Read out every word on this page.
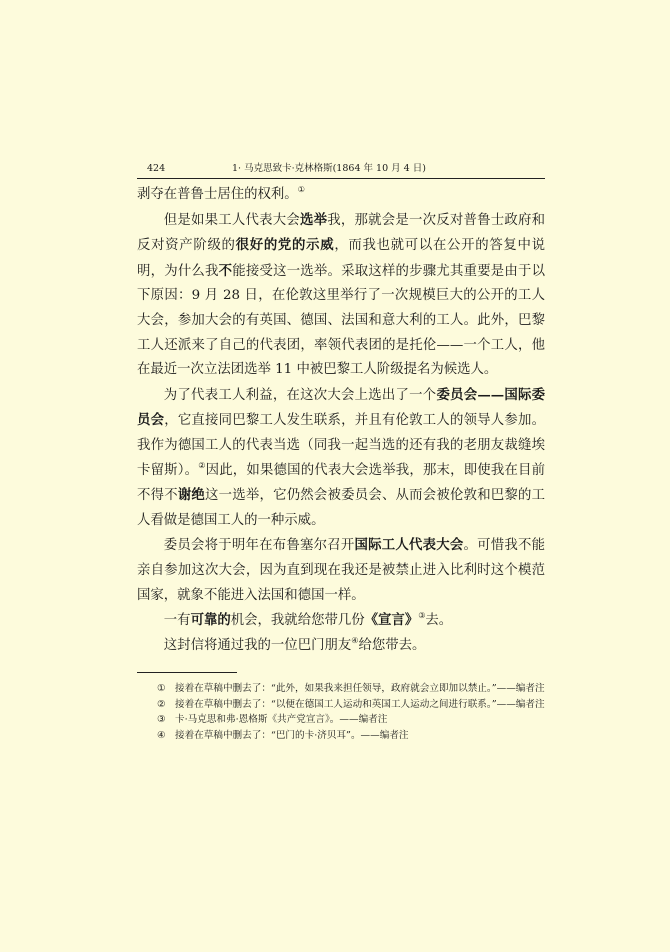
424	1· 马克思致卡·克林格斯(1864 年 10 月 4 日)

剥夺在普鲁士居住的权利。①

但是如果工人代表大会选举我，那就会是一次反对普鲁士政府和反对资产阶级的很好的党的示威，而我也就可以在公开的答复中说明，为什么我不能接受这一选举。采取这样的步骤尤其重要是由于以下原因：9 月 28 日，在伦敦这里举行了一次规模巨大的公开的工人大会，参加大会的有英国、德国、法国和意大利的工人。此外，巴黎工人还派来了自己的代表团，率领代表团的是托伦——一个工人，他在最近一次立法团选举 11 中被巴黎工人阶级提名为候选人。

为了代表工人利益，在这次大会上选出了一个委员会——国际委员会，它直接同巴黎工人发生联系，并且有伦敦工人的领导人参加。我作为德国工人的代表当选（同我一起当选的还有我的老朋友裁缝埃卡留斯）。②因此，如果德国的代表大会选举我，那末，即使我在目前不得不谢绝这一选举，它仍然会被委员会、从而会被伦敦和巴黎的工人看做是德国工人的一种示威。

委员会将于明年在布鲁塞尔召开国际工人代表大会。可惜我不能亲自参加这次大会，因为直到现在我还是被禁止进入比利时这个模范国家，就象不能进入法国和德国一样。

一有可靠的机会，我就给您带几份《宣言》③去。

这封信将通过我的一位巴门朋友④给您带去。

① 接着在草稿中删去了：“此外，如果我来担任领导，政府就会立即加以禁止。”——编者注
② 接着在草稿中删去了：“以便在德国工人运动和英国工人运动之间进行联系。”——编者注
③ 卡·马克思和弗·恩格斯《共产党宣言》。——编者注
④ 接着在草稿中删去了：“巴门的卡·济贝耳”。——编者注
